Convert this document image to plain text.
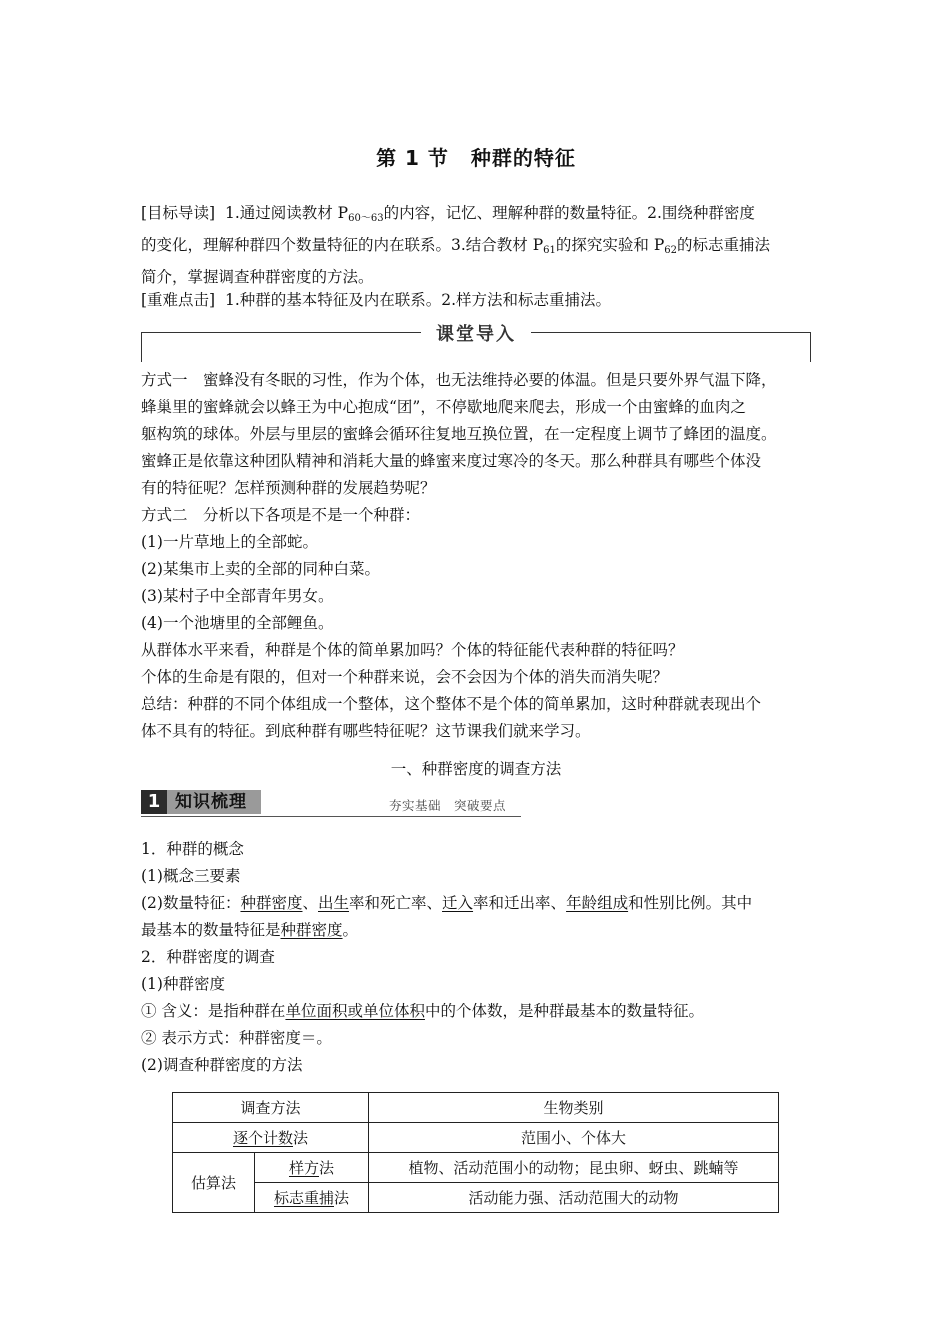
第 1 节 种群的特征
[目标导读] 1.通过阅读教材 $P_{60\sim 63}$的内容，记忆、理解种群的数量特征。2.围绕种群密度
的变化，理解种群四个数量特征的内在联系。3.结合教材 $P_{61}$的探究实验和 $P_{62}$的标志重捕法
简介，掌握调查种群密度的方法。
[重难点击] 1.种群的基本特征及内在联系。2.样方法和标志重捕法。
课堂导入
方式一　蜜蜂没有冬眠的习性，作为个体，也无法维持必要的体温。但是只要外界气温下降，
蜂巢里的蜜蜂就会以蜂王为中心抱成“团”，不停歇地爬来爬去，形成一个由蜜蜂的血肉之
躯构筑的球体。外层与里层的蜜蜂会循环往复地互换位置，在一定程度上调节了蜂团的温度。
蜜蜂正是依靠这种团队精神和消耗大量的蜂蜜来度过寒冷的冬天。那么种群具有哪些个体没
有的特征呢？怎样预测种群的发展趋势呢？
方式二　分析以下各项是不是一个种群：
(1)一片草地上的全部蛇。
(2)某集市上卖的全部的同种白菜。
(3)某村子中全部青年男女。
(4)一个池塘里的全部鲤鱼。
从群体水平来看，种群是个体的简单累加吗？个体的特征能代表种群的特征吗？
个体的生命是有限的，但对一个种群来说，会不会因为个体的消失而消失呢？
总结：种群的不同个体组成一个整体，这个整体不是个体的简单累加，这时种群就表现出个
体不具有的特征。到底种群有哪些特征呢？这节课我们就来学习。
一、种群密度的调查方法
1 知识梳理	夯实基础　突破要点
1．种群的概念
(1)概念三要素
(2)数量特征：种群密度、出生率和死亡率、迁入率和迁出率、年龄组成和性别比例。其中
最基本的数量特征是种群密度。
2．种群密度的调查
(1)种群密度
① 含义：是指种群在单位面积或单位体积中的个体数，是种群最基本的数量特征。
② 表示方式：种群密度＝。
(2)调查种群密度的方法
调查方法		生物类别
逐个计数法		范围小、个体大
估算法	样方法	植物、活动范围小的动物；昆虫卵、蚜虫、跳蝻等
	标志重捕法	活动能力强、活动范围大的动物
